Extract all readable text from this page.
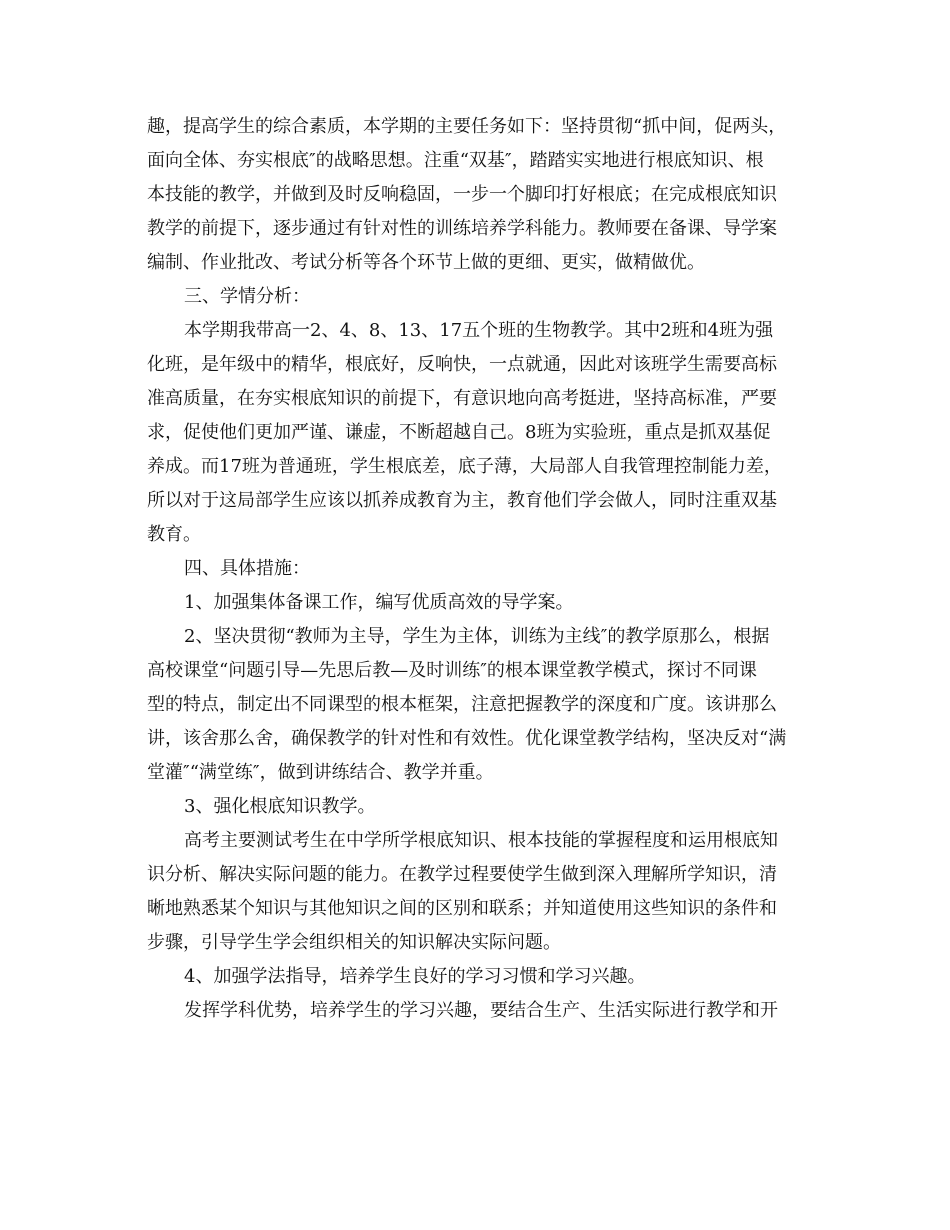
趣，提高学生的综合素质，本学期的主要任务如下：坚持贯彻“抓中间，促两头，
面向全体、夯实根底″的战略思想。注重“双基″，踏踏实实地进行根底知识、根
本技能的教学，并做到及时反响稳固，一步一个脚印打好根底；在完成根底知识
教学的前提下，逐步通过有针对性的训练培养学科能力。教师要在备课、导学案
编制、作业批改、考试分析等各个环节上做的更细、更实，做精做优。
三、学情分析：
本学期我带高一2、4、8、13、17五个班的生物教学。其中2班和4班为强
化班，是年级中的精华，根底好，反响快，一点就通，因此对该班学生需要高标
准高质量，在夯实根底知识的前提下，有意识地向高考挺进，坚持高标准，严要
求，促使他们更加严谨、谦虚，不断超越自己。8班为实验班，重点是抓双基促
养成。而17班为普通班，学生根底差，底子薄，大局部人自我管理控制能力差，
所以对于这局部学生应该以抓养成教育为主，教育他们学会做人，同时注重双基
教育。
四、具体措施：
1、加强集体备课工作，编写优质高效的导学案。
2、坚决贯彻“教师为主导，学生为主体，训练为主线″的教学原那么，根据
高校课堂“问题引导—先思后教—及时训练″的根本课堂教学模式，探讨不同课
型的特点，制定出不同课型的根本框架，注意把握教学的深度和广度。该讲那么
讲，该舍那么舍，确保教学的针对性和有效性。优化课堂教学结构，坚决反对“满
堂灌″“满堂练″，做到讲练结合、教学并重。
3、强化根底知识教学。
高考主要测试考生在中学所学根底知识、根本技能的掌握程度和运用根底知
识分析、解决实际问题的能力。在教学过程要使学生做到深入理解所学知识，清
晰地熟悉某个知识与其他知识之间的区别和联系；并知道使用这些知识的条件和
步骤，引导学生学会组织相关的知识解决实际问题。
4、加强学法指导，培养学生良好的学习习惯和学习兴趣。
发挥学科优势，培养学生的学习兴趣，要结合生产、生活实际进行教学和开
